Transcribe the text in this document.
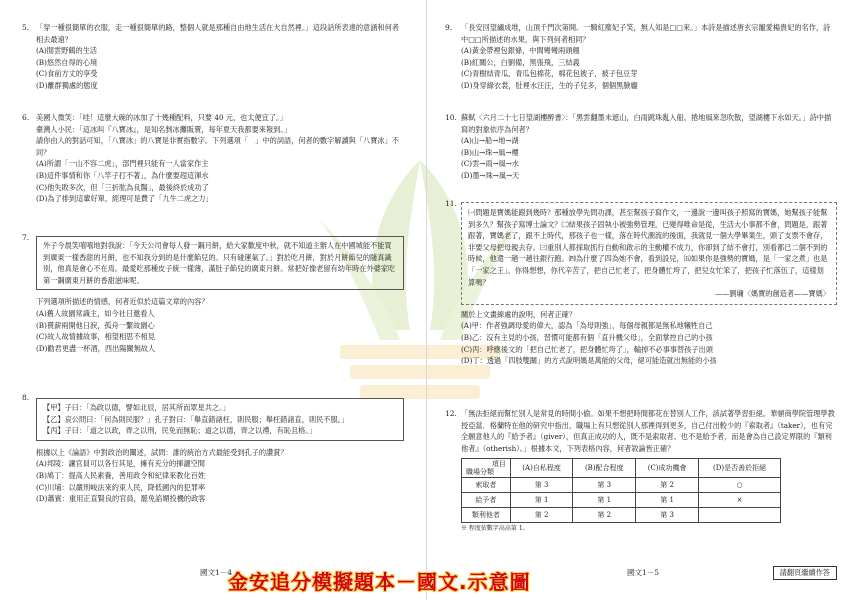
5. 「穿一種很簡單的衣服，走一種很簡單的路，整個人就是那種自由地生活在大自然裡。」這段話所表達的意涵和何者相去最遠？

(A)閒雲野鶴的生活

(B)悠然自得的心境

(C)食前方丈的享受

(D)離群獨處的態度

6. 美國人微笑：「哇！這麼大碗的冰加了十幾種配料，只要 40 元，也太便宜了。」

臺灣人小民：「這冰叫『八寶冰』，是知名剉冰攤販賣，每年夏天我都要來報到。」

請你由人的對話可知，「八寶冰」的八寶是非實指數字。下列選項「　」中的詞語，何者的數字解讀與「八寶冰」不同？

(A)所謂「一山不容二虎」，部門裡只能有一人當家作主

(B)這件事情和你「八竿子打不著」，為什麼要趕這渾水

(C)他失敗多次，但「三折肱為良醫」，最後終於成功了

(D)為了排到這輩好單，經理可是費了「九牛二虎之力」

7.

外子今晨笑嘻嘻地對我說：「今天公司會每人發一鋼月餅，給大家歡度中秋，就不知道主辦人在中國城能不能買到廣東一樣香甜的月餅，也不知我分到的是什麼餡兒的。只有碰運氣了。」對於吃月餅，對於月餅餡兒的隨真識別，他真是會心不在焉。最愛吃那種皮子統一樣薄，滿肚子餡兒的廣東月餅。常把好像老留有幼年時在外婆家吃第一鋼廣東月餅的香甜滋味呢。

下列選項所描述的情感，何者近似於這篇文章的內容？

(A)舊人故園常識主，如今社日邀看人

(B)賣薪兩開他日淚，孤舟一繫故園心

(C)故人故情據故事，相望相思不相見

(D)勸君更盡一杯酒，西出陽關無故人

8.

【甲】子曰：「為政以德，譬如北辰，居其所而眾星共之。」

【乙】哀公問曰：「何為則民服？」孔子對曰：「舉直錯諸枉，則民服；舉枉錯諸直，則民不服。」

【丙】子曰：「道之以政，齊之以刑，民免而無恥；道之以德，齊之以禮，有恥且格。」

根據以上《論語》中對政治的闡述，試問：誰的統治方式最能受到孔子的讚賞？

(A)邦陵：讓官員可以各行其是，擁有充分的揮灑空間

(B)鳩丁：提高人民素養，善用政令和紀律來教化百姓

(C)川埔：以嚴刑峻法來約束人民，降低國內的犯罪率

(D)蕭賓：重用正直賢良的官員，罷免諂媚投機的政客

國文1－4
9. 「長安回望繡成堆，山頂千門次第開。一騎紅塵妃子笑，無人知是□□來。」本詩是描述唐玄宗寵愛楊貴妃的名作，詩中□□所描述的水果，與下列何者相同？

(A)黃金帶裡包銀條，中間彎彎兩頭翹

(B)紅關公，白劉備，黑張飛，三結義

(C)青樹結青瓜，青瓜包棉花，棉花包被子，被子包豆芽

(D)身穿綠衣裳，肚裡水汪汪，生的子兒多，個個黑臉龐

10. 蘇軾〈六月二十七日望湖樓醉書〉：「黑雲翻墨未遮山，白雨跳珠亂入船。捲地風來忽吹散，望湖樓下水如天。」詩中描寫的對象依序為何者？

(A)山→船→地→湖

(B)山→珠→風→樓

(C)雲→雨→風→水

(D)墨→珠→風→天

11.

㈠問題是寶媽能跟到幾時？那種放學先問功課，甚至幫孩子寫作文，一邊說一邊叫孩子照寫的寶媽，她幫孩子能幫到多久？幫孩子寫博士論文？㈡結果孩子固執小被強勢管理，已變得唯命是從，生活大小事都不會，問題是，跟著跟著，寶媽老了，跟不上時代，那孩子也一樣，落在時代潮流的後面，我就見一個大學畢業生，頭了支票不會存，非要父母把母親去存。㈢重別人都採取抓行自動和啟示的主動權不成力，你卻到了結不會打，別看都已二個不到的時候，他還一趟一趟往銀行跑。㈣為什麼了四為她不會，看到設兒，㈤如果你是強勢的寶媽，是「一家之煮」也是「一家之王」。你得想想，你代辛苦了，把自己忙老了，把身體忙垮了，把兒女忙笨了，把孩子忙落伍了，這樣划算嗎？

——劉墉〈媽寶的創造者——寶媽〉

關於上文畫線處的說明，何者正確？

(A)甲：作者強調母愛的偉大，認為「為母則強」，每個母親都是無私地犧牲自己

(B)乙：沒有主見的小孩，習慣可能都有個「直升機父母」，全面掌控自己的小孩

(C)丙：呼應後文的「把自己忙老了，把身體忙垮了」，輸掉不必事事替孩子出頭

(D)丁：透過「四肢雙關」的方式說明媽是萬能的父母，絕可能造就出無能的小孩

12. 「無法拒絕而幫忙別人是常見的時間小偷。如果不想把時間都花在替別人工作，該試著學習拒絕。華頓商學院管理學教授亞當．格蘭特在他的研究中指出，職場上有只想從別人那裡得到更多，自己付出較少的『索取者』（taker），也有完全願意他人的『給予者』（giver），但真正成功的人，既不是索取者、也不是給予者，而是會為自己設定界限的『類利他者』（otherish）。」根據本文，下列表格內容，何者敘論皆正確？

項目
職場分類	(A)自私程度	(B)配合程度	(C)成功機會	(D)是否善於拒絕
索取者	第 3	第 3	第 2	○
給予者	第 1	第 1	第 1	×
類利他者	第 2	第 2	第 3	

※ 程度依數字高高第 1。

國文1－5	請翻頁繼續作答
金安追分模擬題本－國文.示意圖
